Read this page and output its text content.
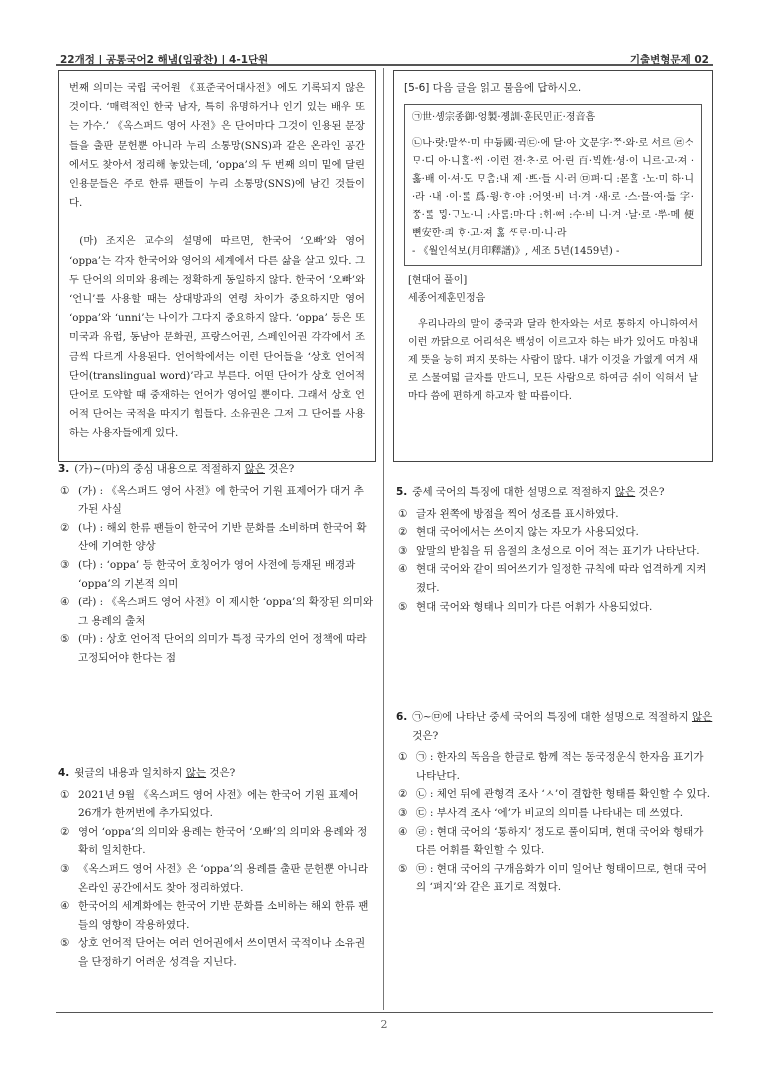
22개정 | 공통국어2 해냄(임광찬) | 4-1단원	기출변형문제 02

번째 의미는 국립 국어원 《표준국어대사전》에도 기록되지 않은 것이다. ‘매력적인 한국 남자, 특히 유명하거나 인기 있는 배우 또는 가수.’ 《옥스퍼드 영어 사전》은 단어마다 그것이 인용된 문장들을 출판 문헌뿐 아니라 누리 소통망(SNS)과 같은 온라인 공간에서도 찾아서 정리해 놓았는데, ‘oppa’의 두 번째 의미 밑에 달린 인용문들은 주로 한류 팬들이 누리 소통망(SNS)에 남긴 것들이다.

(마) 조지은 교수의 설명에 따르면, 한국어 ‘오빠’와 영어 ‘oppa’는 각자 한국어와 영어의 세계에서 다른 삶을 살고 있다. 그 두 단어의 의미와 용례는 정확하게 동일하지 않다. 한국어 ‘오빠’와 ‘언니’를 사용할 때는 상대방과의 연령 차이가 중요하지만 영어 ‘oppa’와 ‘unni’는 나이가 그다지 중요하지 않다. ‘oppa’ 등은 또 미국과 유럽, 동남아 문화권, 프랑스어권, 스페인어권 각각에서 조금씩 다르게 사용된다. 언어학에서는 이런 단어들을 ‘상호 언어적 단어(translingual word)’라고 부른다. 어떤 단어가 상호 언어적 단어로 도약할 때 중재하는 언어가 영어일 뿐이다. 그래서 상호 언어적 단어는 국적을 따지기 힘들다. 소유권은 그저 그 단어를 사용하는 사용자들에게 있다.

3. (가)~(마)의 중심 내용으로 적절하지 않은 것은?

① (가) : 《옥스퍼드 영어 사전》에 한국어 기원 표제어가 대거 추가된 사실
② (나) : 해외 한류 팬들이 한국어 기반 문화를 소비하며 한국어 확산에 기여한 양상
③ (다) : ‘oppa’ 등 한국어 호칭어가 영어 사전에 등재된 배경과 ‘oppa’의 기본적 의미
④ (라) : 《옥스퍼드 영어 사전》이 제시한 ‘oppa’의 확장된 의미와 그 용례의 출처
⑤ (마) : 상호 언어적 단어의 의미가 특정 국가의 언어 정책에 따라 고정되어야 한다는 점

4. 윗글의 내용과 일치하지 않는 것은?

① 2021년 9월 《옥스퍼드 영어 사전》에는 한국어 기원 표제어 26개가 한꺼번에 추가되었다.
② 영어 ‘oppa’의 의미와 용례는 한국어 ‘오빠’의 의미와 용례와 정확히 일치한다.
③ 《옥스퍼드 영어 사전》은 ‘oppa’의 용례를 출판 문헌뿐 아니라 온라인 공간에서도 찾아 정리하였다.
④ 한국어의 세계화에는 한국어 기반 문화를 소비하는 해외 한류 팬들의 영향이 작용하였다.
⑤ 상호 언어적 단어는 여러 언어권에서 쓰이면서 국적이나 소유권을 단정하기 어려운 성격을 지닌다.

[5-6] 다음 글을 읽고 물음에 답하시오.

㉠世·솅宗종御·엉製·졩訓·훈民민正·졍音흠

㉡나·랏:말ᄊᆞ·미 中듕國·귁㉢·에 달·아 文문字·ᄍᆞ·와·로 서르 ㉣ᄉᆞᄆᆞ·디 아·니ᄒᆞᆯ·ᄊᆡ ·이런 젼·ᄎᆞ·로 어·린 百·ᄇᆡᆨ姓·셩·이 니르·고·져 ·홇·배 이·셔·도 ᄆᆞᄎᆞᆷ:내 제 ·ᄠᅳ·들 시·러 ㉤펴·디 :몯ᄒᆞᆯ ·노·미 하·니·라 ·내 ·이·ᄅᆞᆯ 爲·윙·ᄒᆞ·야 :어엿·비 너·겨 ·새·로 ·스·믈·여·듧 字·ᄍᆞᆼ·ᄅᆞᆯ ᄆᆡᇰ·ᄀᆞ노·니 :사ᄅᆞᆷ:마·다 :ᄒᆡ·ᅇᅧ :수·비 니·겨 ·날·로 ·ᄡᅮ·메 便뼌安ᅙᅡᆫ·킈 ᄒᆞ·고·져 ᄒᆞᇙ ᄯᆞᄅᆞ·미·니·라

- 《월인석보(月印釋譜)》, 세조 5년(1459년) -

[현대어 풀이]

세종어제훈민정음

우리나라의 말이 중국과 달라 한자와는 서로 통하지 아니하여서 이런 까닭으로 어리석은 백성이 이르고자 하는 바가 있어도 마침내 제 뜻을 능히 펴지 못하는 사람이 많다. 내가 이것을 가엾게 여겨 새로 스물여덟 글자를 만드니, 모든 사람으로 하여금 쉬이 익혀서 날마다 씀에 편하게 하고자 할 따름이다.

5. 중세 국어의 특징에 대한 설명으로 적절하지 않은 것은?

① 글자 왼쪽에 방점을 찍어 성조를 표시하였다.
② 현대 국어에서는 쓰이지 않는 자모가 사용되었다.
③ 앞말의 받침을 뒤 음절의 초성으로 이어 적는 표기가 나타난다.
④ 현대 국어와 같이 띄어쓰기가 일정한 규칙에 따라 엄격하게 지켜졌다.
⑤ 현대 국어와 형태나 의미가 다른 어휘가 사용되었다.

6. ㉠~㉤에 나타난 중세 국어의 특징에 대한 설명으로 적절하지 않은 것은?

① ㉠ : 한자의 독음을 한글로 함께 적는 동국정운식 한자음 표기가 나타난다.
② ㉡ : 체언 뒤에 관형격 조사 ‘ㅅ’이 결합한 형태를 확인할 수 있다.
③ ㉢ : 부사격 조사 ‘에’가 비교의 의미를 나타내는 데 쓰였다.
④ ㉣ : 현대 국어의 ‘통하지’ 정도로 풀이되며, 현대 국어와 형태가 다른 어휘를 확인할 수 있다.
⑤ ㉤ : 현대 국어의 구개음화가 이미 일어난 형태이므로, 현대 국어의 ‘펴지’와 같은 표기로 적혔다.
2
